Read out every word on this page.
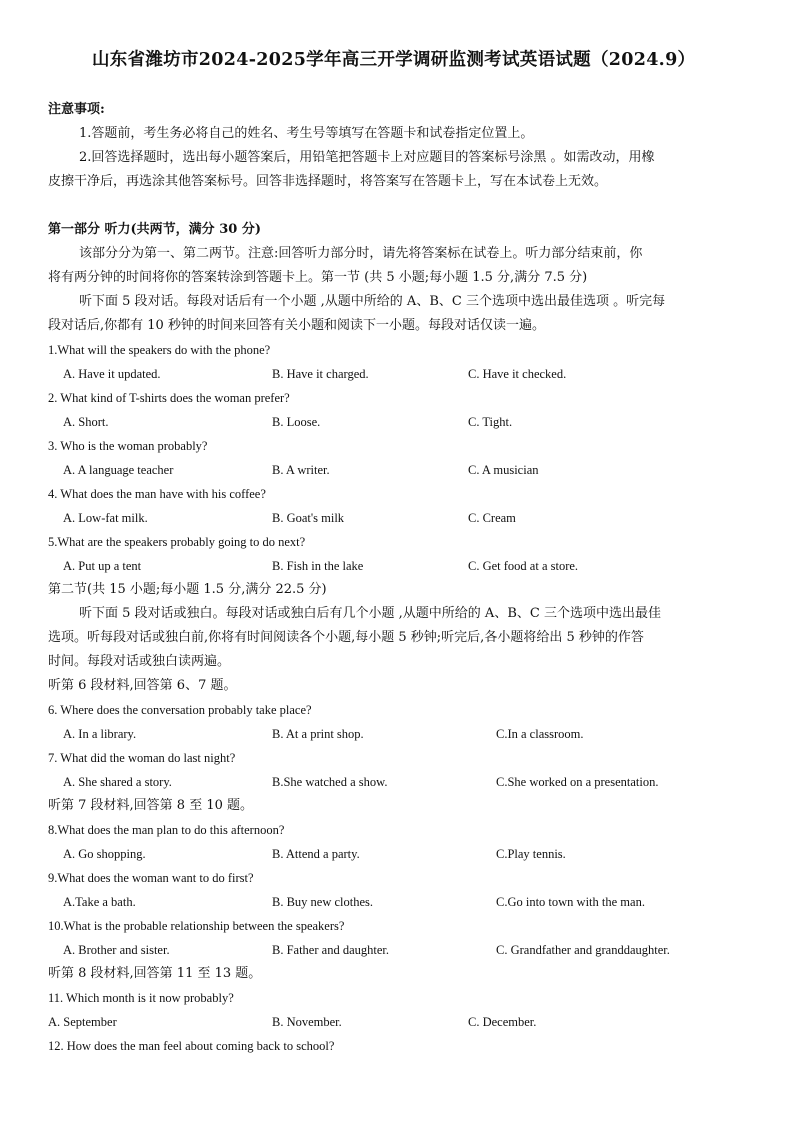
山东省潍坊市2024-2025学年高三开学调研监测考试英语试题（2024.9）
注意事项:
1.答题前，考生务必将自己的姓名、考生号等填写在答题卡和试卷指定位置上。
2.回答选择题时，选出每小题答案后，用铅笔把答题卡上对应题目的答案标号涂黑 。如需改动，用橡
皮擦干净后，再选涂其他答案标号。回答非选择题时，将答案写在答题卡上，写在本试卷上无效。
第一部分 听力(共两节，满分 30 分)
该部分分为第一、第二两节。注意:回答听力部分时，请先将答案标在试卷上。听力部分结束前，你
将有两分钟的时间将你的答案转涂到答题卡上。第一节 (共 5 小题;每小题 1.5 分,满分 7.5 分)
听下面 5 段对话。每段对话后有一个小题 ,从题中所给的 A、B、C 三个选项中选出最佳选项 。听完每
段对话后,你都有 10 秒钟的时间来回答有关小题和阅读下一小题。每段对话仅读一遍。
1.What will the speakers do with the phone?
A. Have it updated.	B. Have it charged.	C. Have it checked.
2. What kind of T-shirts does the woman prefer?
A. Short.	B. Loose.	C. Tight.
3. Who is the woman probably?
A. A language teacher	B. A writer.	C. A musician
4. What does the man have with his coffee?
A. Low-fat milk.	B. Goat's milk	C. Cream
5.What are the speakers probably going to do next?
A. Put up a tent	B. Fish in the lake	C. Get food at a store.
第二节(共 15 小题;每小题 1.5 分,满分 22.5 分)
听下面 5 段对话或独白。每段对话或独白后有几个小题 ,从题中所给的 A、B、C 三个选项中选出最佳
选项。听每段对话或独白前,你将有时间阅读各个小题,每小题 5 秒钟;听完后,各小题将给出 5 秒钟的作答
时间。每段对话或独白读两遍。
听第 6 段材料,回答第 6、7 题。
6. Where does the conversation probably take place?
A. In a library.	B. At a print shop.	C.In a classroom.
7. What did the woman do last night?
A. She shared a story.	B.She watched a show.	C.She worked on a presentation.
听第 7 段材料,回答第 8 至 10 题。
8.What does the man plan to do this afternoon?
A. Go shopping.	B. Attend a party.	C.Play tennis.
9.What does the woman want to do first?
A.Take a bath.	B. Buy new clothes.	C.Go into town with the man.
10.What is the probable relationship between the speakers?
A. Brother and sister.	B. Father and daughter.	C. Grandfather and granddaughter.
听第 8 段材料,回答第 11 至 13 题。
11. Which month is it now probably?
A. September	B. November.	C. December.
12. How does the man feel about coming back to school?
